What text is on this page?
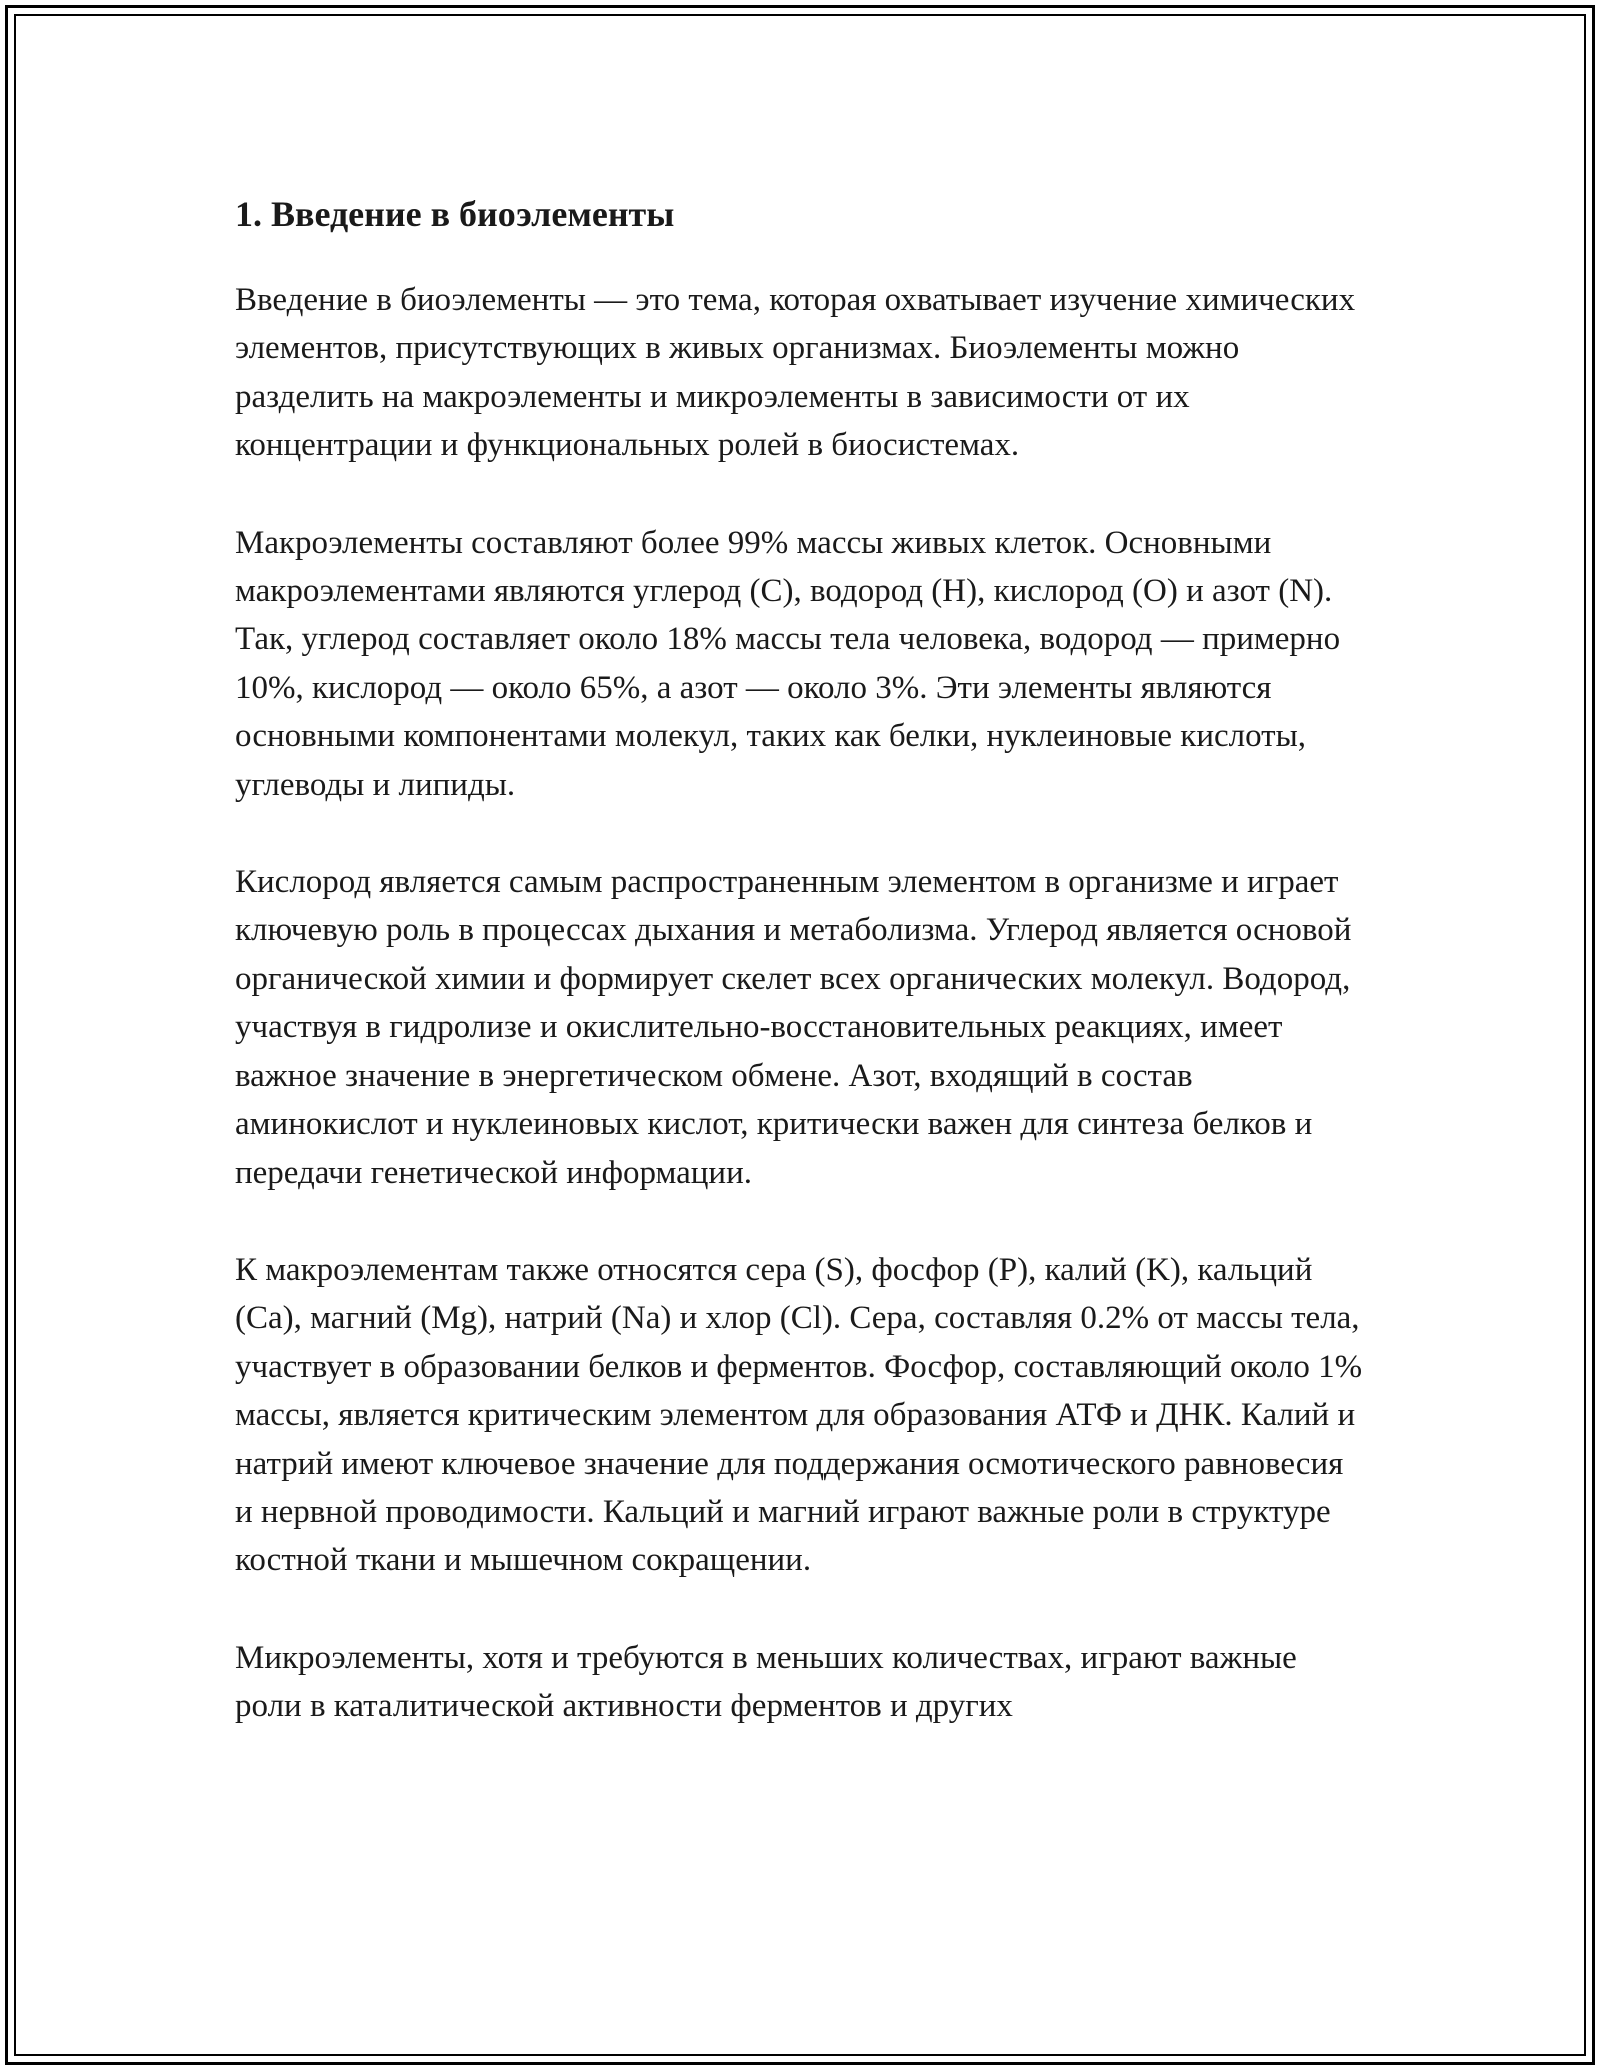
1. Введение в биоэлементы

Введение в биоэлементы — это тема, которая охватывает изучение химических элементов, присутствующих в живых организмах. Биоэлементы можно разделить на макроэлементы и микроэлементы в зависимости от их концентрации и функциональных ролей в биосистемах.

Макроэлементы составляют более 99% массы живых клеток. Основными макроэлементами являются углерод (C), водород (H), кислород (O) и азот (N). Так, углерод составляет около 18% массы тела человека, водород — примерно 10%, кислород — около 65%, а азот — около 3%. Эти элементы являются основными компонентами молекул, таких как белки, нуклеиновые кислоты, углеводы и липиды.

Кислород является самым распространенным элементом в организме и играет ключевую роль в процессах дыхания и метаболизма. Углерод является основой органической химии и формирует скелет всех органических молекул. Водород, участвуя в гидролизе и окислительно-восстановительных реакциях, имеет важное значение в энергетическом обмене. Азот, входящий в состав аминокислот и нуклеиновых кислот, критически важен для синтеза белков и передачи генетической информации.

К макроэлементам также относятся сера (S), фосфор (P), калий (K), кальций (Ca), магний (Mg), натрий (Na) и хлор (Cl). Сера, составляя 0.2% от массы тела, участвует в образовании белков и ферментов. Фосфор, составляющий около 1% массы, является критическим элементом для образования АТФ и ДНК. Калий и натрий имеют ключевое значение для поддержания осмотического равновесия и нервной проводимости. Кальций и магний играют важные роли в структуре костной ткани и мышечном сокращении.

Микроэлементы, хотя и требуются в меньших количествах, играют важные роли в каталитической активности ферментов и других
